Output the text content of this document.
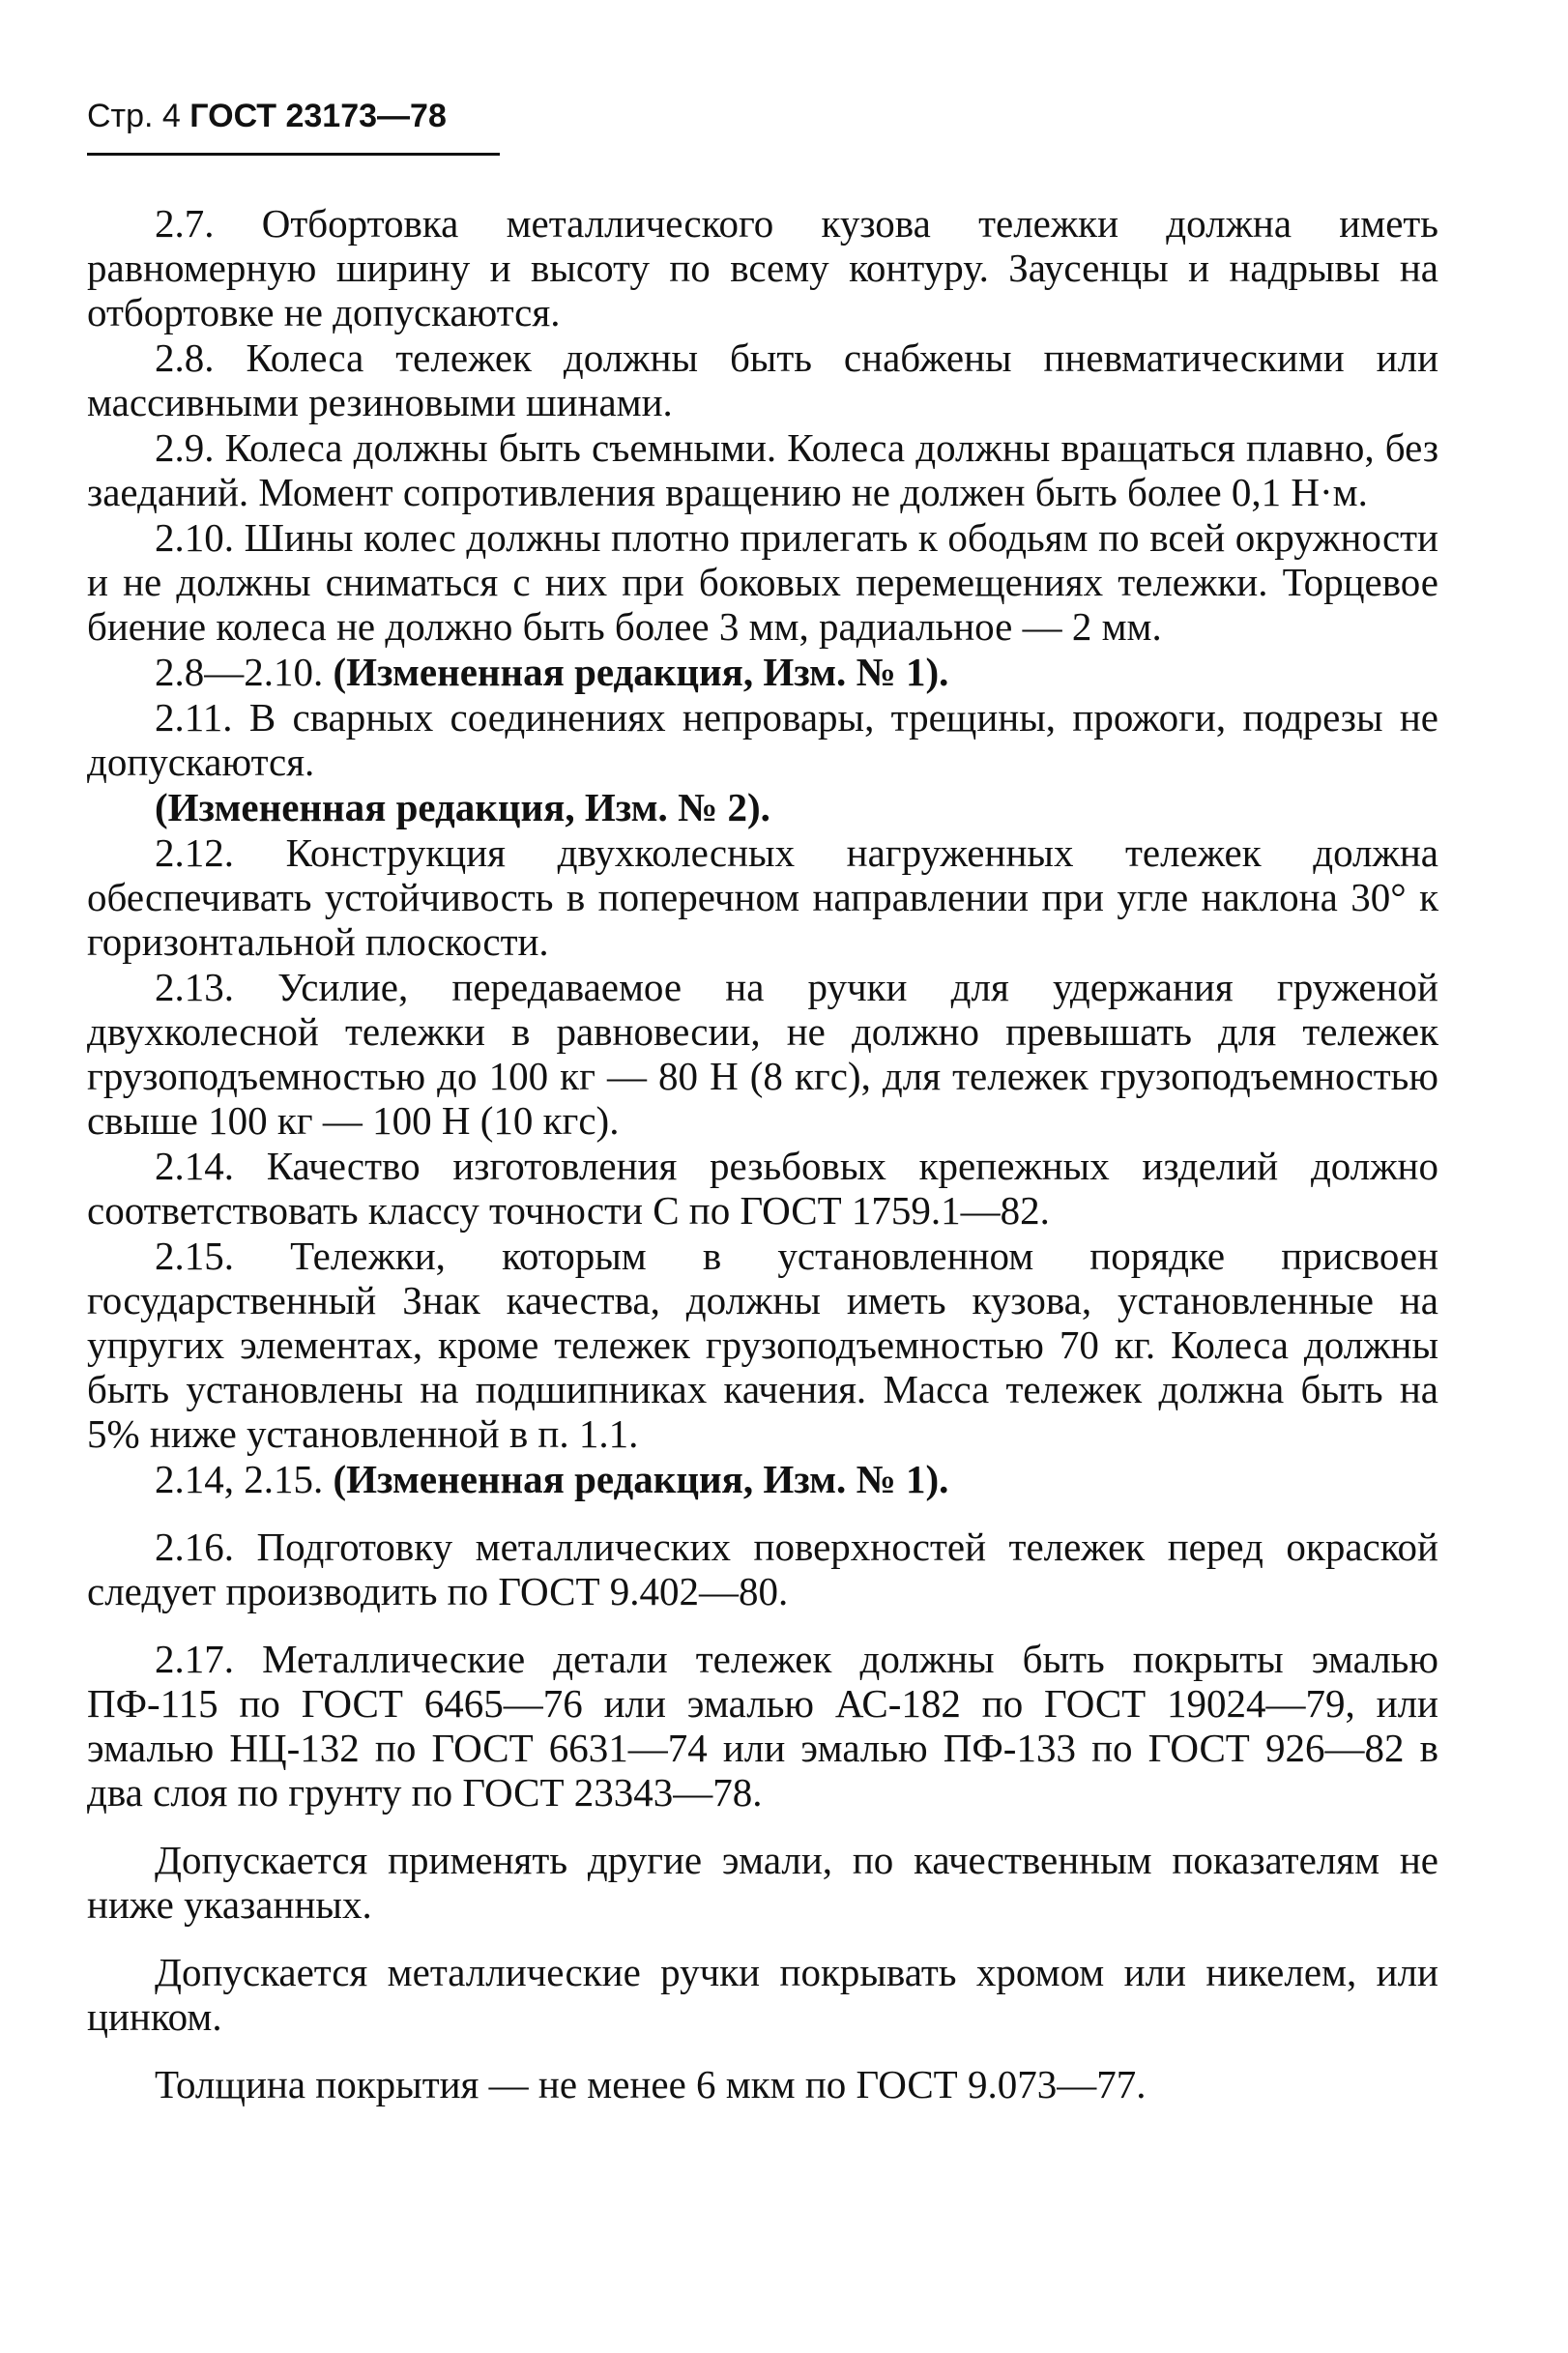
Стр. 4 ГОСТ 23173—78

2.7. Отбортовка металлического кузова тележки должна иметь равномерную ширину и высоту по всему контуру. Заусенцы и надрывы на отбортовке не допускаются.

2.8. Колеса тележек должны быть снабжены пневматическими или массивными резиновыми шинами.

2.9. Колеса должны быть съемными. Колеса должны вращаться плавно, без заеданий. Момент сопротивления вращению не должен быть более 0,1 Н·м.

2.10. Шины колес должны плотно прилегать к ободьям по всей окружности и не должны сниматься с них при боковых перемещениях тележки. Торцевое биение колеса не должно быть более 3 мм, радиальное — 2 мм.

2.8—2.10. (Измененная редакция, Изм. № 1).

2.11. В сварных соединениях непровары, трещины, прожоги, подрезы не допускаются.

(Измененная редакция, Изм. № 2).

2.12. Конструкция двухколесных нагруженных тележек должна обеспечивать устойчивость в поперечном направлении при угле наклона 30° к горизонтальной плоскости.

2.13. Усилие, передаваемое на ручки для удержания груженой двухколесной тележки в равновесии, не должно превышать для тележек грузоподъемностью до 100 кг — 80 Н (8 кгс), для тележек грузоподъемностью свыше 100 кг — 100 Н (10 кгс).

2.14. Качество изготовления резьбовых крепежных изделий должно соответствовать классу точности С по ГОСТ 1759.1—82.

2.15. Тележки, которым в установленном порядке присвоен государственный Знак качества, должны иметь кузова, установленные на упругих элементах, кроме тележек грузоподъемностью 70 кг. Колеса должны быть установлены на подшипниках качения. Масса тележек должна быть на 5% ниже установленной в п. 1.1.

2.14, 2.15. (Измененная редакция, Изм. № 1).

2.16. Подготовку металлических поверхностей тележек перед окраской следует производить по ГОСТ 9.402—80.

2.17. Металлические детали тележек должны быть покрыты эмалью ПФ-115 по ГОСТ 6465—76 или эмалью АС-182 по ГОСТ 19024—79, или эмалью НЦ-132 по ГОСТ 6631—74 или эмалью ПФ-133 по ГОСТ 926—82 в два слоя по грунту по ГОСТ 23343—78.

Допускается применять другие эмали, по качественным показателям не ниже указанных.

Допускается металлические ручки покрывать хромом или никелем, или цинком.

Толщина покрытия — не менее 6 мкм по ГОСТ 9.073—77.
